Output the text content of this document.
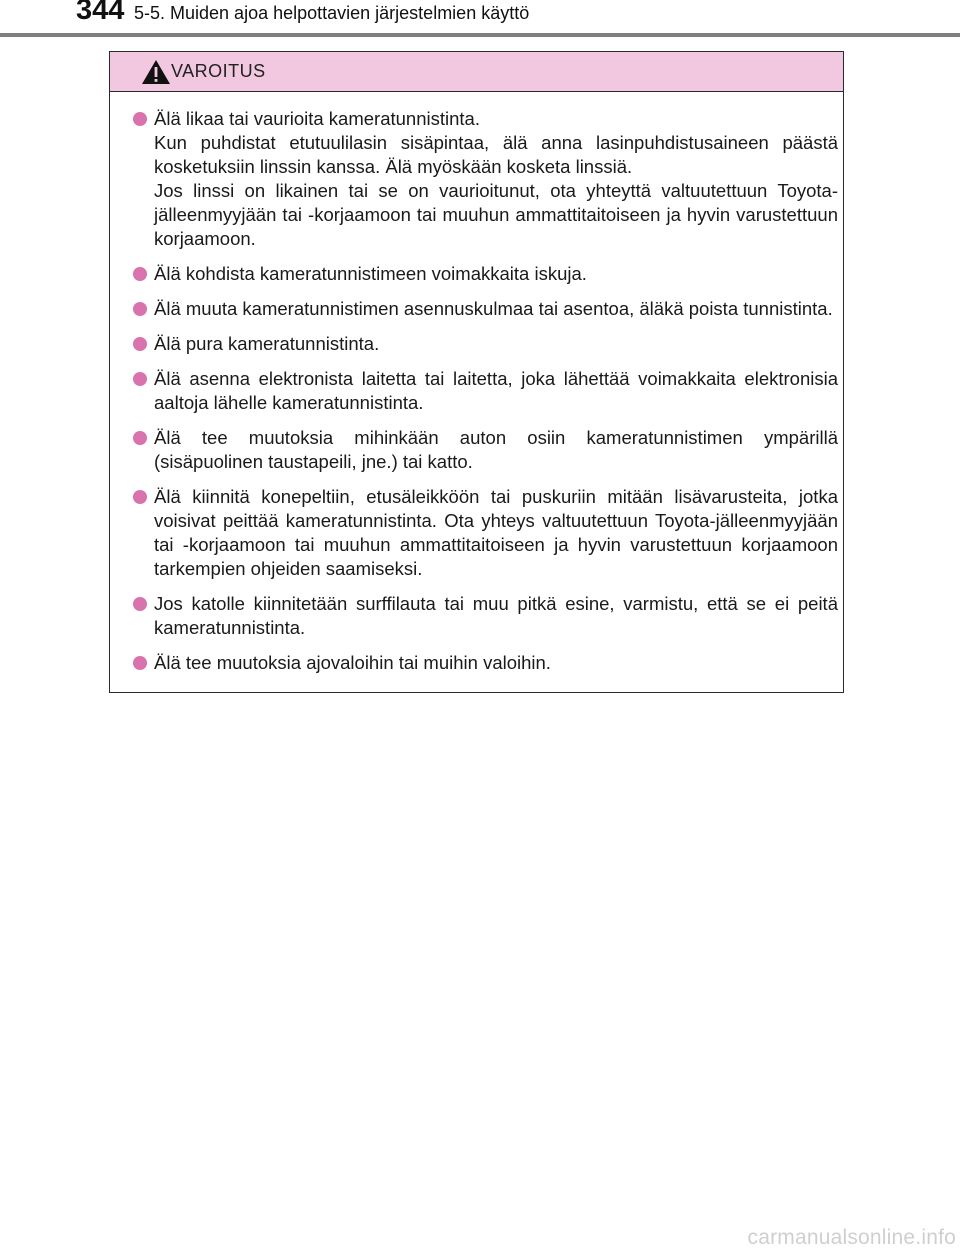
344 5-5. Muiden ajoa helpottavien järjestelmien käyttö
VAROITUS
Älä likaa tai vaurioita kameratunnistinta.
Kun puhdistat etutuulilasin sisäpintaa, älä anna lasinpuhdistusaineen päästä kosketuksiin linssin kanssa. Älä myöskään kosketa linssiä.
Jos linssi on likainen tai se on vaurioitunut, ota yhteyttä valtuutettuun Toyota-jälleenmyyjään tai -korjaamoon tai muuhun ammattitaitoiseen ja hyvin varustettuun korjaamoon.
Älä kohdista kameratunnistimeen voimakkaita iskuja.
Älä muuta kameratunnistimen asennuskulmaa tai asentoa, äläkä poista tunnistinta.
Älä pura kameratunnistinta.
Älä asenna elektronista laitetta tai laitetta, joka lähettää voimakkaita elektronisia aaltoja lähelle kameratunnistinta.
Älä tee muutoksia mihinkään auton osiin kameratunnistimen ympärillä (sisäpuolinen taustapeili, jne.) tai katto.
Älä kiinnitä konepeltiin, etusäleikköön tai puskuriin mitään lisävarusteita, jotka voisivat peittää kameratunnistinta. Ota yhteys valtuutettuun Toyota-jälleenmyyjään tai -korjaamoon tai muuhun ammattitaitoiseen ja hyvin varustettuun korjaamoon tarkempien ohjeiden saamiseksi.
Jos katolle kiinnitetään surffilauta tai muu pitkä esine, varmistu, että se ei peitä kameratunnistinta.
Älä tee muutoksia ajovaloihin tai muihin valoihin.
carmanualsonline.info
